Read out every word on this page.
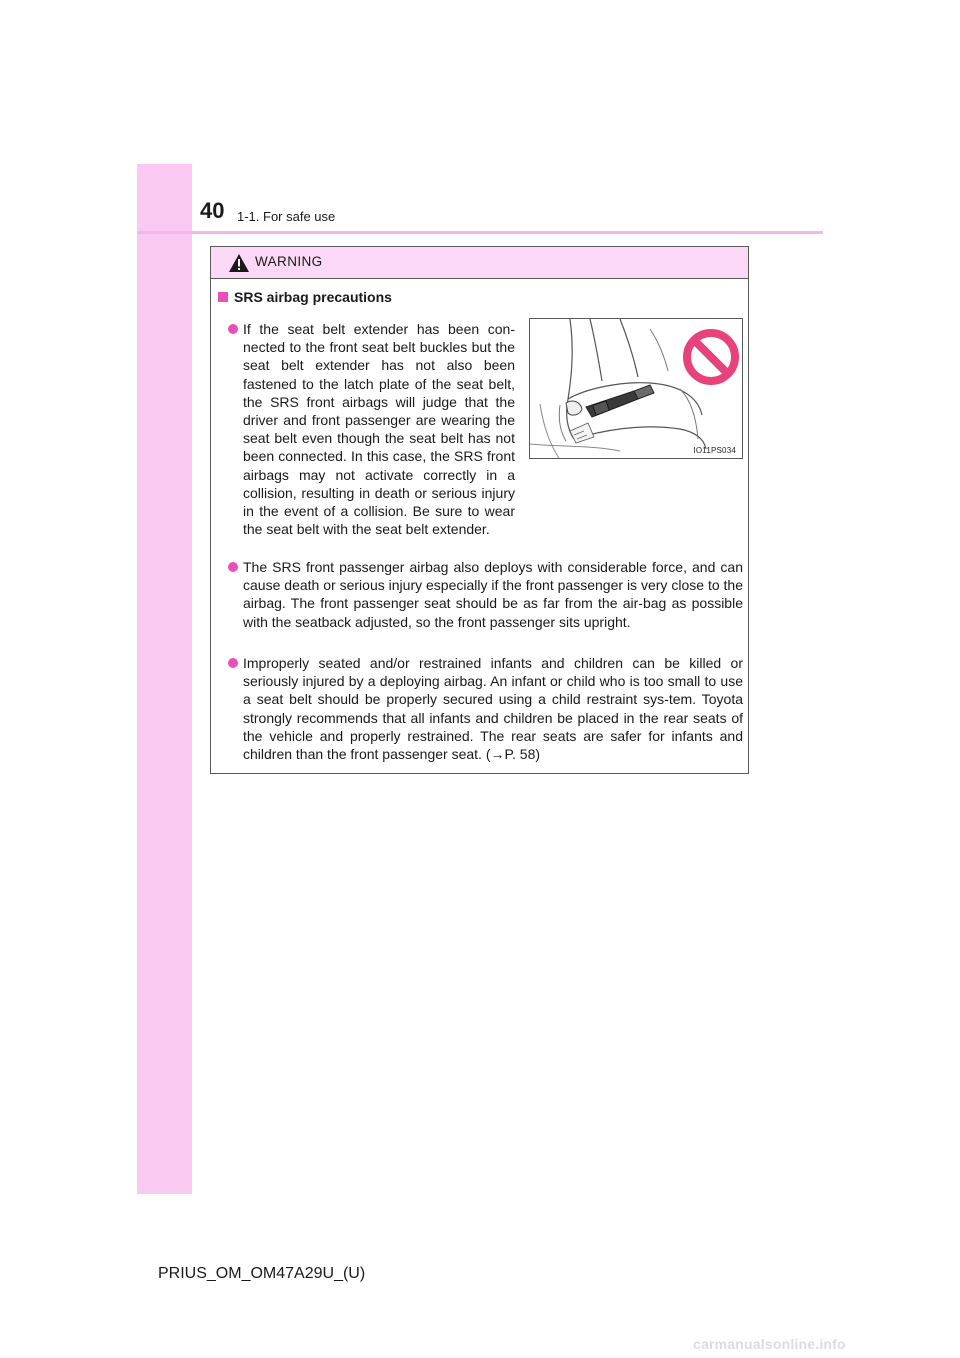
40 1-1. For safe use
WARNING
SRS airbag precautions
If the seat belt extender has been con-nected to the front seat belt buckles but the seat belt extender has not also been fastened to the latch plate of the seat belt, the SRS front airbags will judge that the driver and front passenger are wearing the seat belt even though the seat belt has not been connected. In this case, the SRS front airbags may not activate correctly in a collision, resulting in death or serious injury in the event of a collision. Be sure to wear the seat belt with the seat belt extender.
IO11PS034
The SRS front passenger airbag also deploys with considerable force, and can cause death or serious injury especially if the front passenger is very close to the airbag. The front passenger seat should be as far from the air-bag as possible with the seatback adjusted, so the front passenger sits upright.
Improperly seated and/or restrained infants and children can be killed or seriously injured by a deploying airbag. An infant or child who is too small to use a seat belt should be properly secured using a child restraint sys-tem. Toyota strongly recommends that all infants and children be placed in the rear seats of the vehicle and properly restrained. The rear seats are safer for infants and children than the front passenger seat. (→P. 58)
PRIUS_OM_OM47A29U_(U)
carmanualsonline.info
